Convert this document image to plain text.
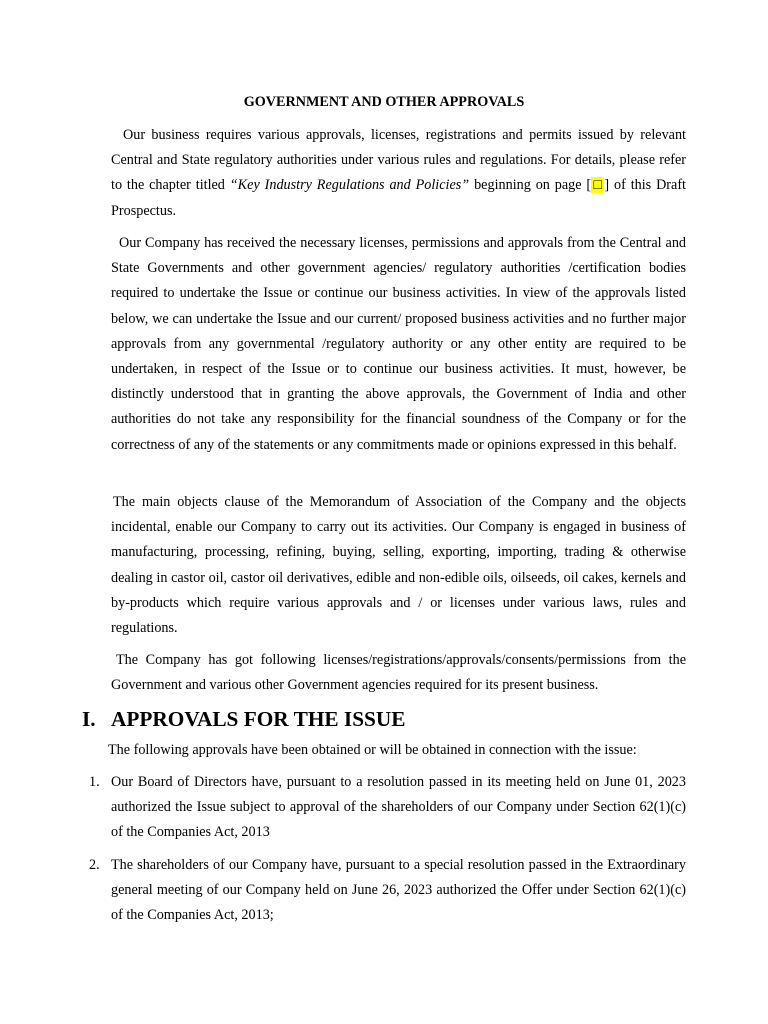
GOVERNMENT AND OTHER APPROVALS

Our business requires various approvals, licenses, registrations and permits issued by relevant Central and State regulatory authorities under various rules and regulations. For details, please refer to the chapter titled “Key Industry Regulations and Policies” beginning on page [□] of this Draft Prospectus.

Our Company has received the necessary licenses, permissions and approvals from the Central and State Governments and other government agencies/ regulatory authorities /certification bodies required to undertake the Issue or continue our business activities. In view of the approvals listed below, we can undertake the Issue and our current/ proposed business activities and no further major approvals from any governmental /regulatory authority or any other entity are required to be undertaken, in respect of the Issue or to continue our business activities. It must, however, be distinctly understood that in granting the above approvals, the Government of India and other authorities do not take any responsibility for the financial soundness of the Company or for the correctness of any of the statements or any commitments made or opinions expressed in this behalf.

The main objects clause of the Memorandum of Association of the Company and the objects incidental, enable our Company to carry out its activities. Our Company is engaged in business of manufacturing, processing, refining, buying, selling, exporting, importing, trading & otherwise dealing in castor oil, castor oil derivatives, edible and non-edible oils, oilseeds, oil cakes, kernels and by-products which require various approvals and / or licenses under various laws, rules and regulations.

The Company has got following licenses/registrations/approvals/consents/permissions from the Government and various other Government agencies required for its present business.

I. APPROVALS FOR THE ISSUE

The following approvals have been obtained or will be obtained in connection with the issue:

1. Our Board of Directors have, pursuant to a resolution passed in its meeting held on June 01, 2023 authorized the Issue subject to approval of the shareholders of our Company under Section 62(1)(c) of the Companies Act, 2013
2. The shareholders of our Company have, pursuant to a special resolution passed in the Extraordinary general meeting of our Company held on June 26, 2023 authorized the Offer under Section 62(1)(c) of the Companies Act, 2013;
